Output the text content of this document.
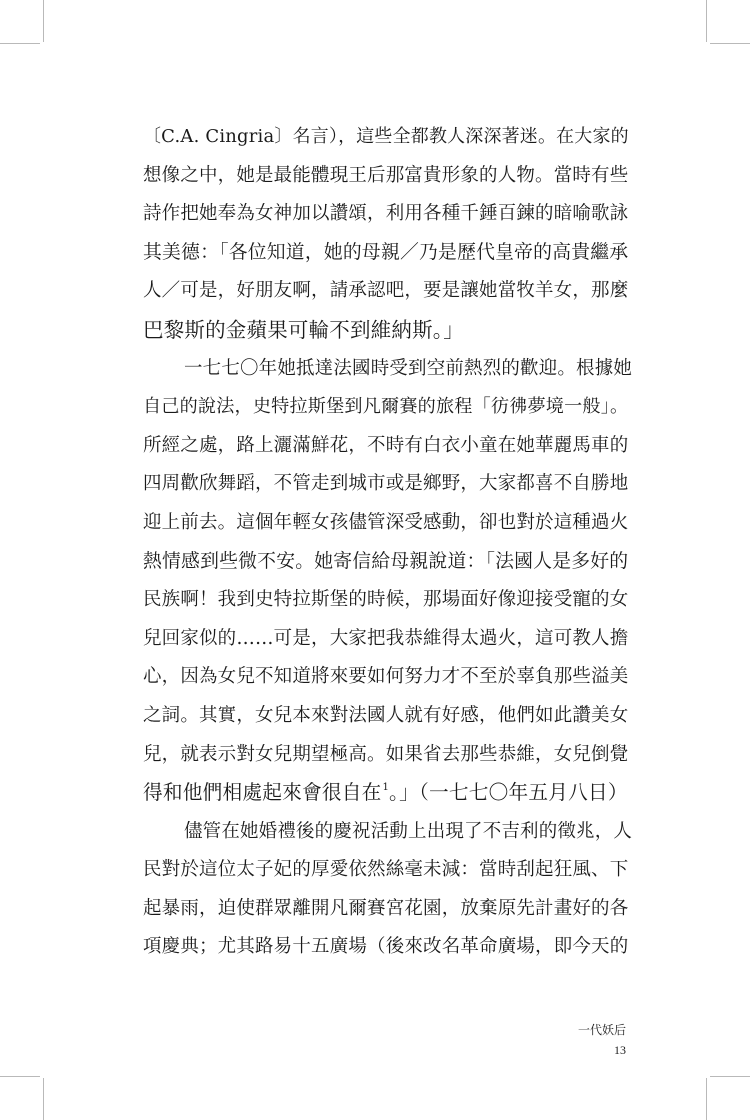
〔C.A. Cingria〕名言），這些全都教人深深著迷。在大家的
想像之中，她是最能體現王后那富貴形象的人物。當時有些
詩作把她奉為女神加以讚頌，利用各種千錘百鍊的暗喻歌詠
其美德：「各位知道，她的母親／乃是歷代皇帝的高貴繼承
人／可是，好朋友啊，請承認吧，要是讓她當牧羊女，那麼
巴黎斯的金蘋果可輪不到維納斯。」

一七七〇年她抵達法國時受到空前熱烈的歡迎。根據她
自己的說法，史特拉斯堡到凡爾賽的旅程「彷彿夢境一般」。
所經之處，路上灑滿鮮花，不時有白衣小童在她華麗馬車的
四周歡欣舞蹈，不管走到城市或是鄉野，大家都喜不自勝地
迎上前去。這個年輕女孩儘管深受感動，卻也對於這種過火
熱情感到些微不安。她寄信給母親說道：「法國人是多好的
民族啊！我到史特拉斯堡的時候，那場面好像迎接受寵的女
兒回家似的……可是，大家把我恭維得太過火，這可教人擔
心，因為女兒不知道將來要如何努力才不至於辜負那些溢美
之詞。其實，女兒本來對法國人就有好感，他們如此讚美女
兒，就表示對女兒期望極高。如果省去那些恭維，女兒倒覺
得和他們相處起來會很自在$^1$。」（一七七〇年五月八日）

儘管在她婚禮後的慶祝活動上出現了不吉利的徵兆，人
民對於這位太子妃的厚愛依然絲毫未減：當時刮起狂風、下
起暴雨，迫使群眾離開凡爾賽宮花園，放棄原先計畫好的各
項慶典；尤其路易十五廣場（後來改名革命廣場，即今天的

一代妖后
13
